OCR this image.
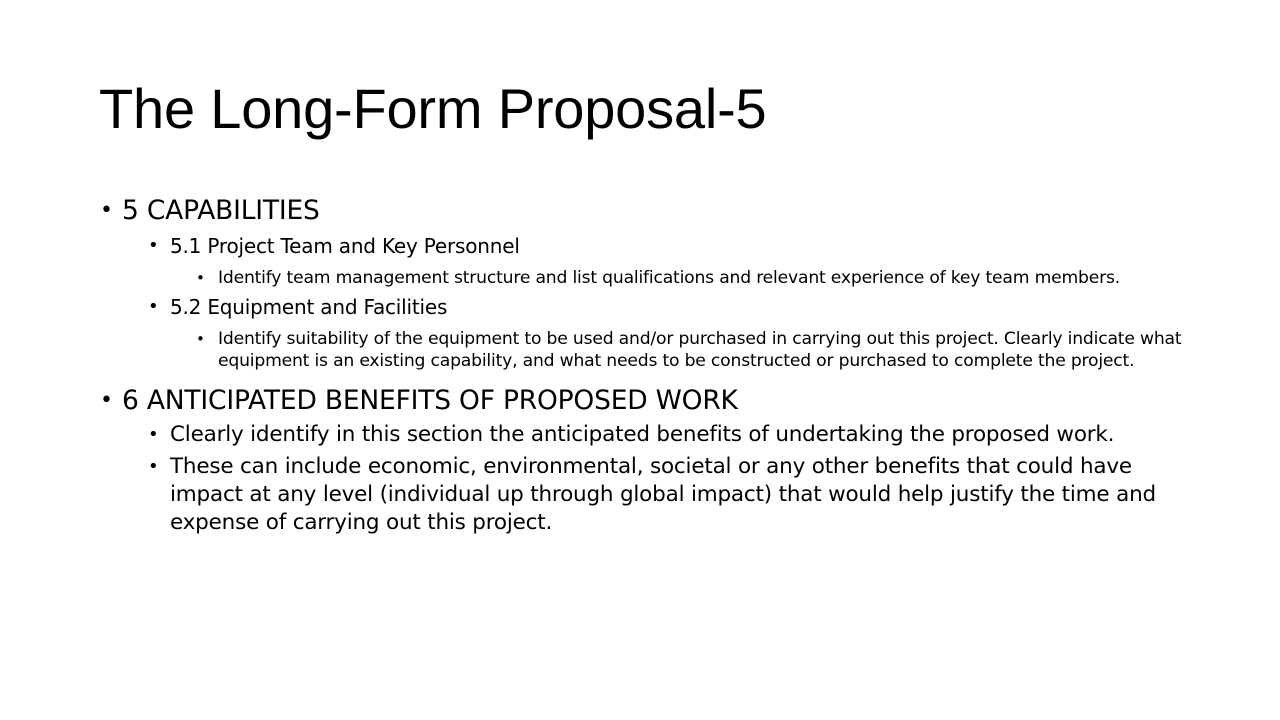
The Long-Form Proposal-5
• 5 CAPABILITIES
• 5.1 Project Team and Key Personnel
• Identify team management structure and list qualifications and relevant experience of key team members.
• 5.2 Equipment and Facilities
• Identify suitability of the equipment to be used and/or purchased in carrying out this project. Clearly indicate what equipment is an existing capability, and what needs to be constructed or purchased to complete the project.
• 6 ANTICIPATED BENEFITS OF PROPOSED WORK
• Clearly identify in this section the anticipated benefits of undertaking the proposed work.
• These can include economic, environmental, societal or any other benefits that could have impact at any level (individual up through global impact) that would help justify the time and expense of carrying out this project.
